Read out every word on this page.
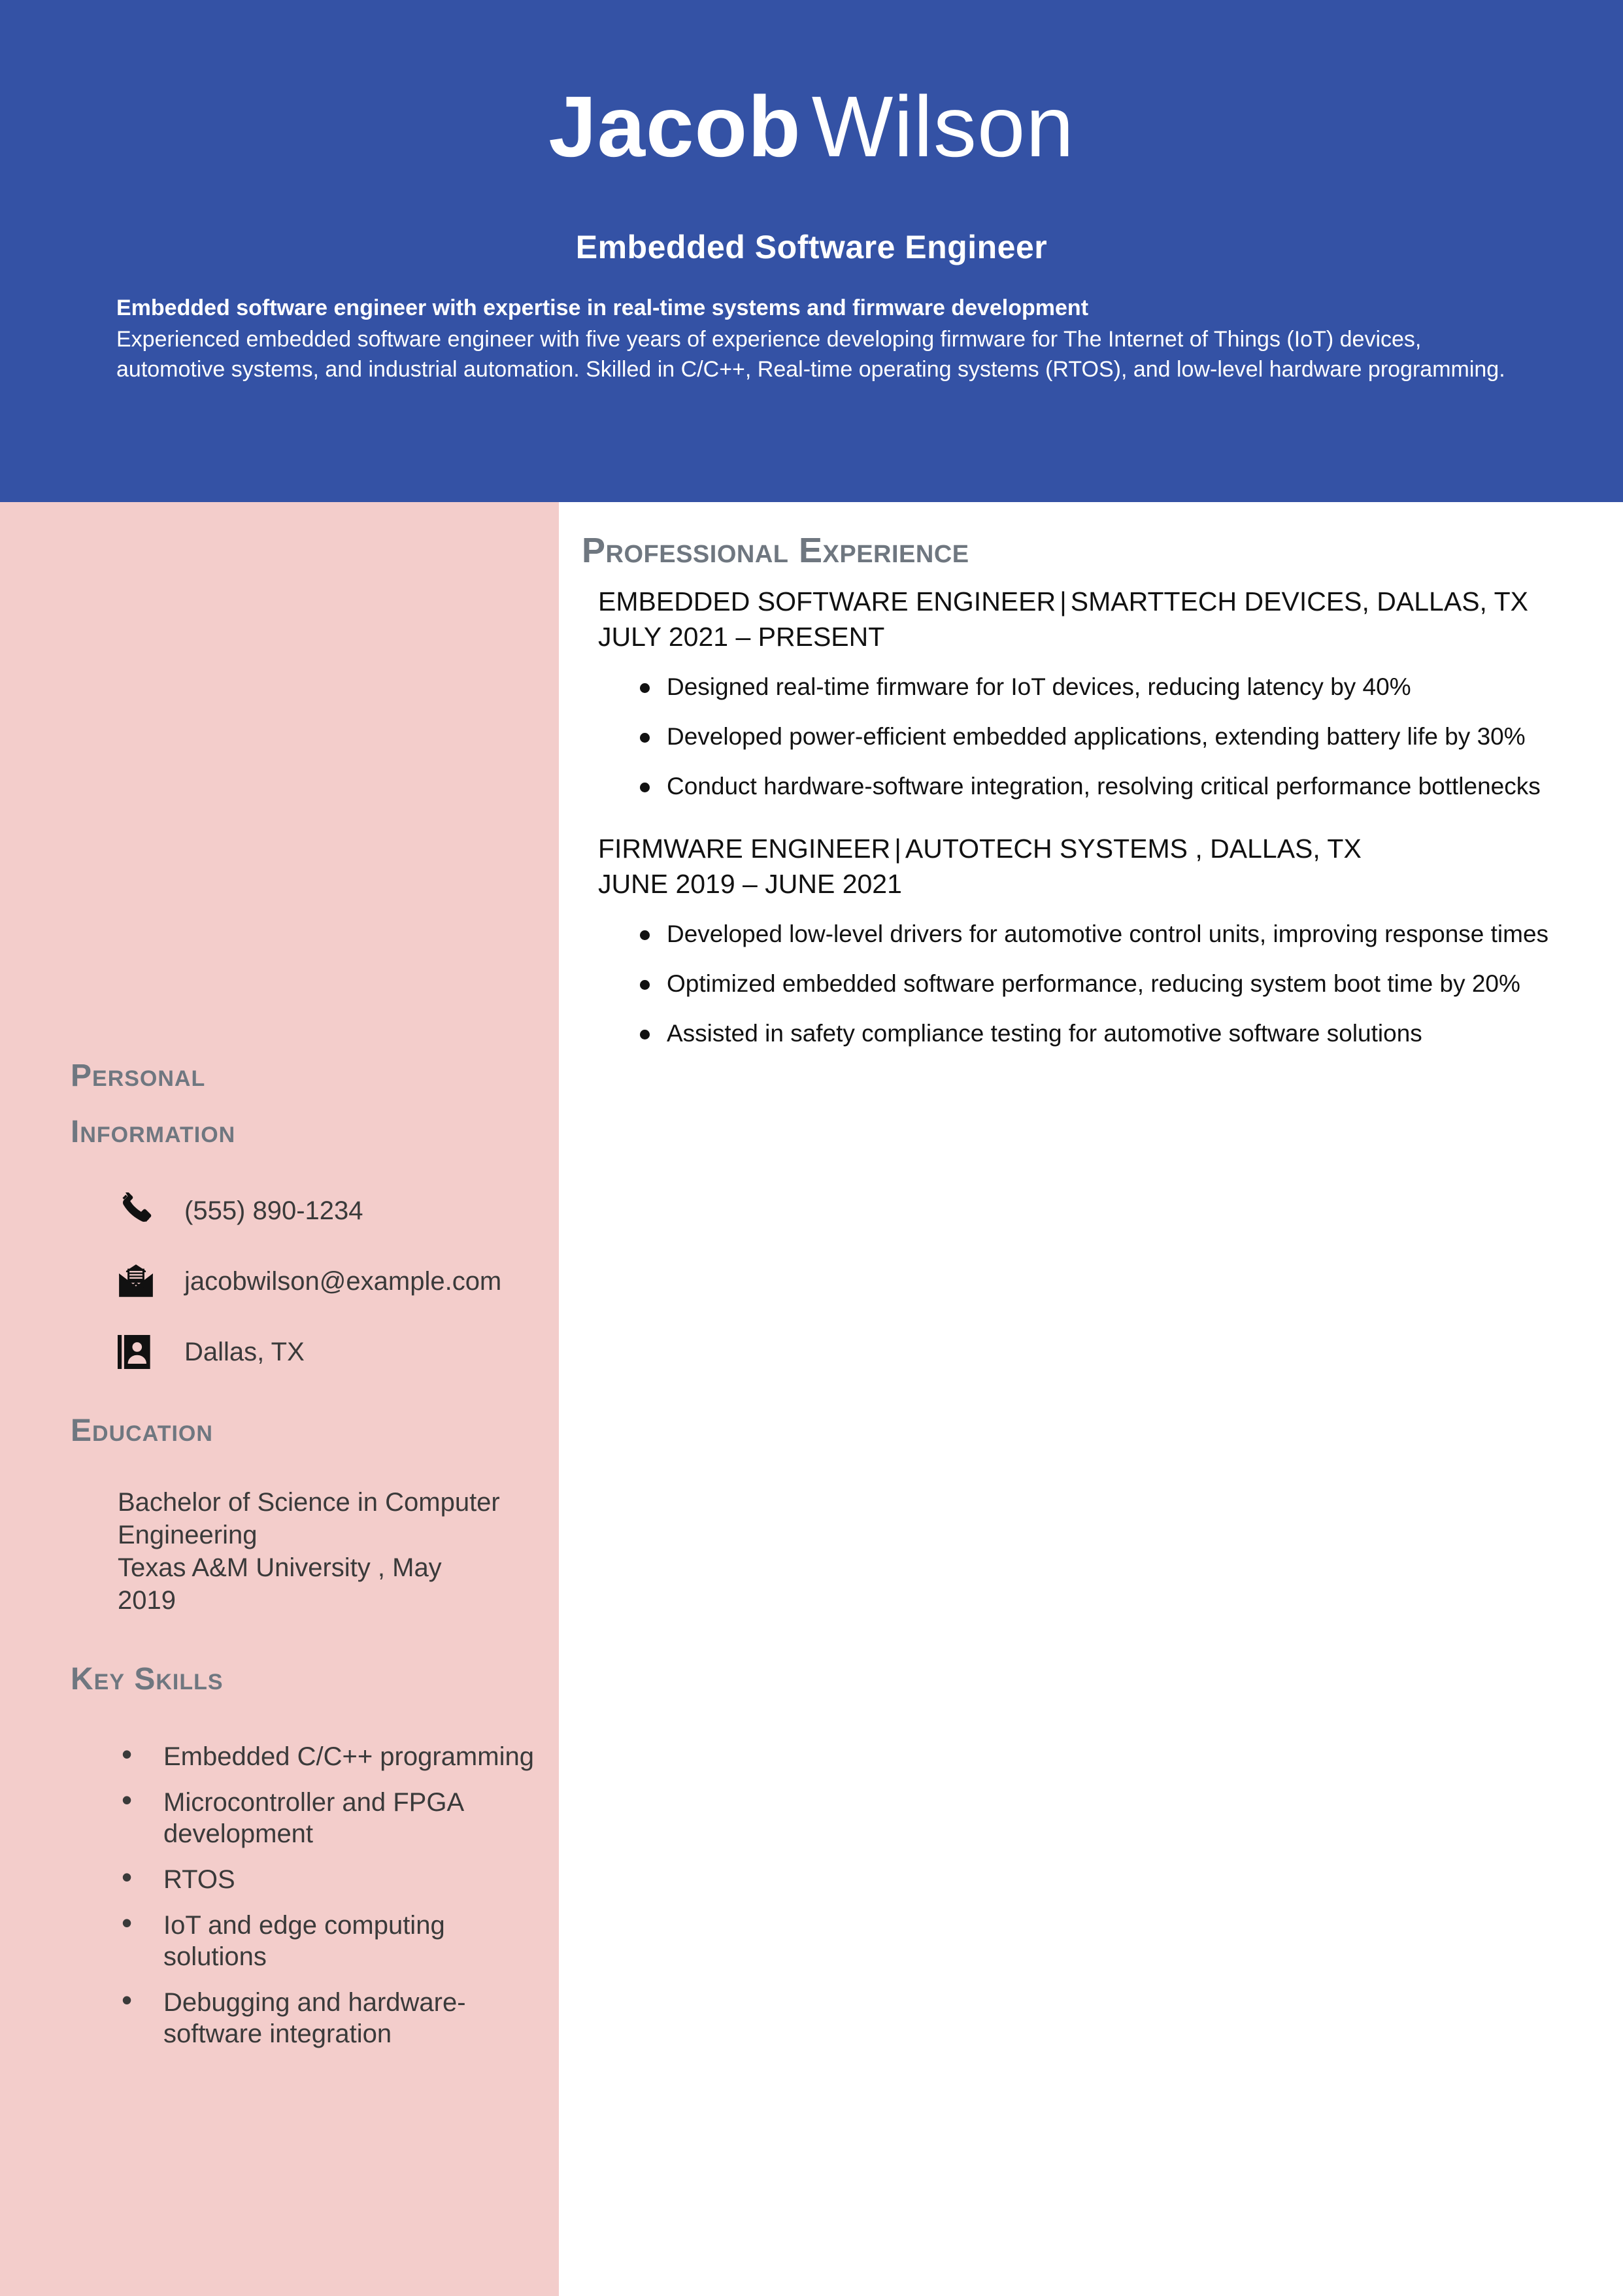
Jacob Wilson
Embedded Software Engineer
Embedded software engineer with expertise in real-time systems and firmware development
Experienced embedded software engineer with five years of experience developing firmware for The Internet of Things (IoT) devices, automotive systems, and industrial automation. Skilled in C/C++, Real-time operating systems (RTOS), and low-level hardware programming.
Personal
Information
(555) 890-1234
jacobwilson@example.com
Dallas, TX
Education
Bachelor of Science in Computer
Engineering
Texas A&M University , May
2019
Key Skills
• Embedded C/C++ programming
• Microcontroller and FPGA development
• RTOS
• IoT and edge computing solutions
• Debugging and hardware-software integration
Professional Experience
EMBEDDED SOFTWARE ENGINEER | SMARTTECH DEVICES, DALLAS, TX
JULY 2021 – PRESENT
Designed real-time firmware for IoT devices, reducing latency by 40%
Developed power-efficient embedded applications, extending battery life by 30%
Conduct hardware-software integration, resolving critical performance bottlenecks
FIRMWARE ENGINEER | AUTOTECH SYSTEMS , DALLAS, TX
JUNE 2019 – JUNE 2021
Developed low-level drivers for automotive control units, improving response times
Optimized embedded software performance, reducing system boot time by 20%
Assisted in safety compliance testing for automotive software solutions
